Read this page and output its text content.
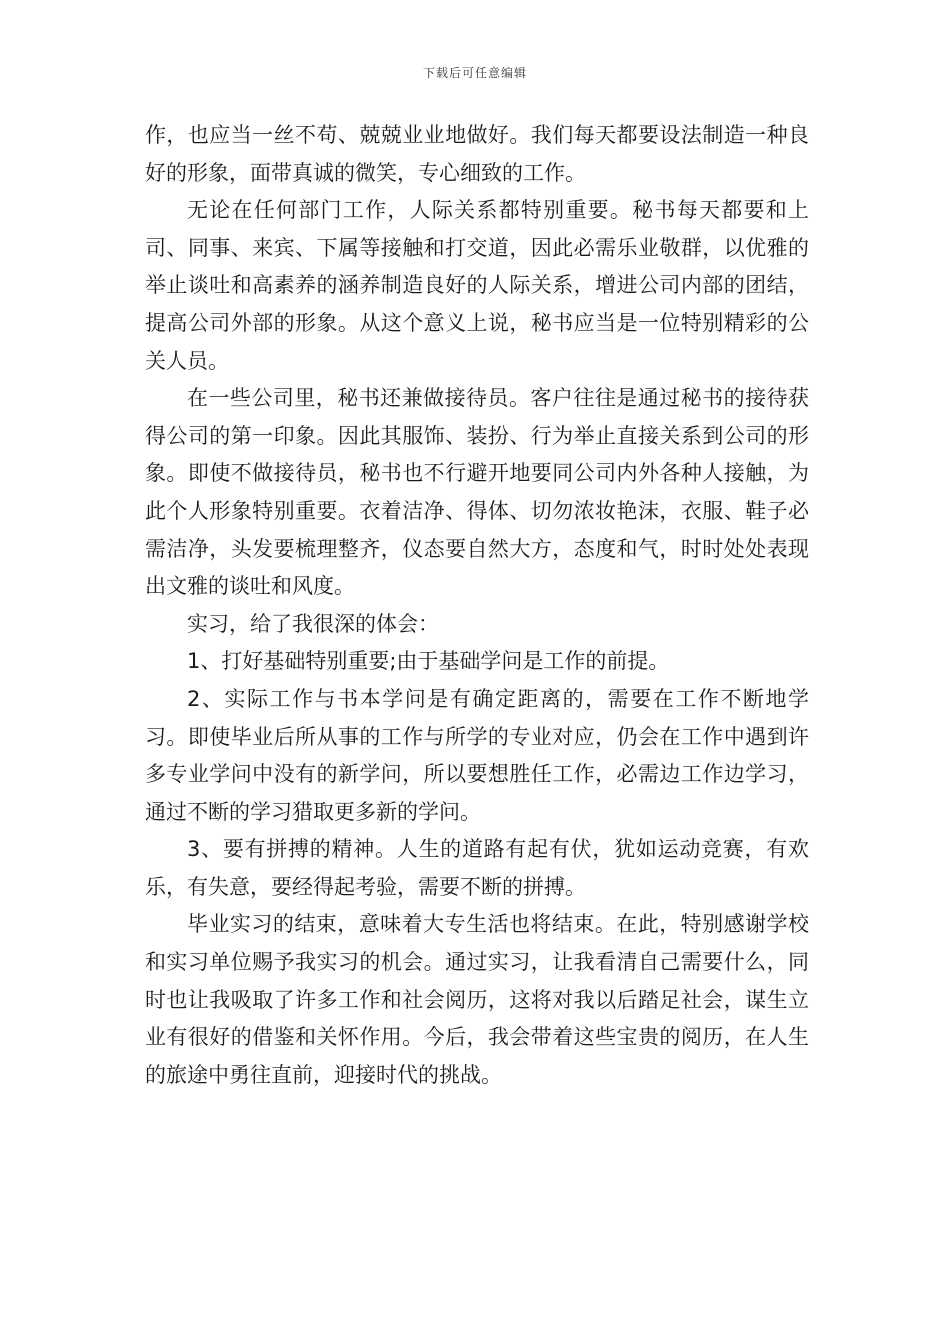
下载后可任意编辑

作，也应当一丝不苟、兢兢业业地做好。我们每天都要设法制造一种良好的形象，面带真诚的微笑，专心细致的工作。

无论在任何部门工作，人际关系都特别重要。秘书每天都要和上司、同事、来宾、下属等接触和打交道，因此必需乐业敬群，以优雅的举止谈吐和高素养的涵养制造良好的人际关系，增进公司内部的团结，提高公司外部的形象。从这个意义上说，秘书应当是一位特别精彩的公关人员。

在一些公司里，秘书还兼做接待员。客户往往是通过秘书的接待获得公司的第一印象。因此其服饰、装扮、行为举止直接关系到公司的形象。即使不做接待员，秘书也不行避开地要同公司内外各种人接触，为此个人形象特别重要。衣着洁净、得体、切勿浓妆艳沫，衣服、鞋子必需洁净，头发要梳理整齐，仪态要自然大方，态度和气，时时处处表现出文雅的谈吐和风度。

实习，给了我很深的体会：

1、打好基础特别重要;由于基础学问是工作的前提。

2、实际工作与书本学问是有确定距离的，需要在工作不断地学习。即使毕业后所从事的工作与所学的专业对应，仍会在工作中遇到许多专业学问中没有的新学问，所以要想胜任工作，必需边工作边学习，通过不断的学习猎取更多新的学问。

3、要有拼搏的精神。人生的道路有起有伏，犹如运动竞赛，有欢乐，有失意，要经得起考验，需要不断的拼搏。

毕业实习的结束，意味着大专生活也将结束。在此，特别感谢学校和实习单位赐予我实习的机会。通过实习，让我看清自己需要什么，同时也让我吸取了许多工作和社会阅历，这将对我以后踏足社会，谋生立业有很好的借鉴和关怀作用。今后，我会带着这些宝贵的阅历，在人生的旅途中勇往直前，迎接时代的挑战。
